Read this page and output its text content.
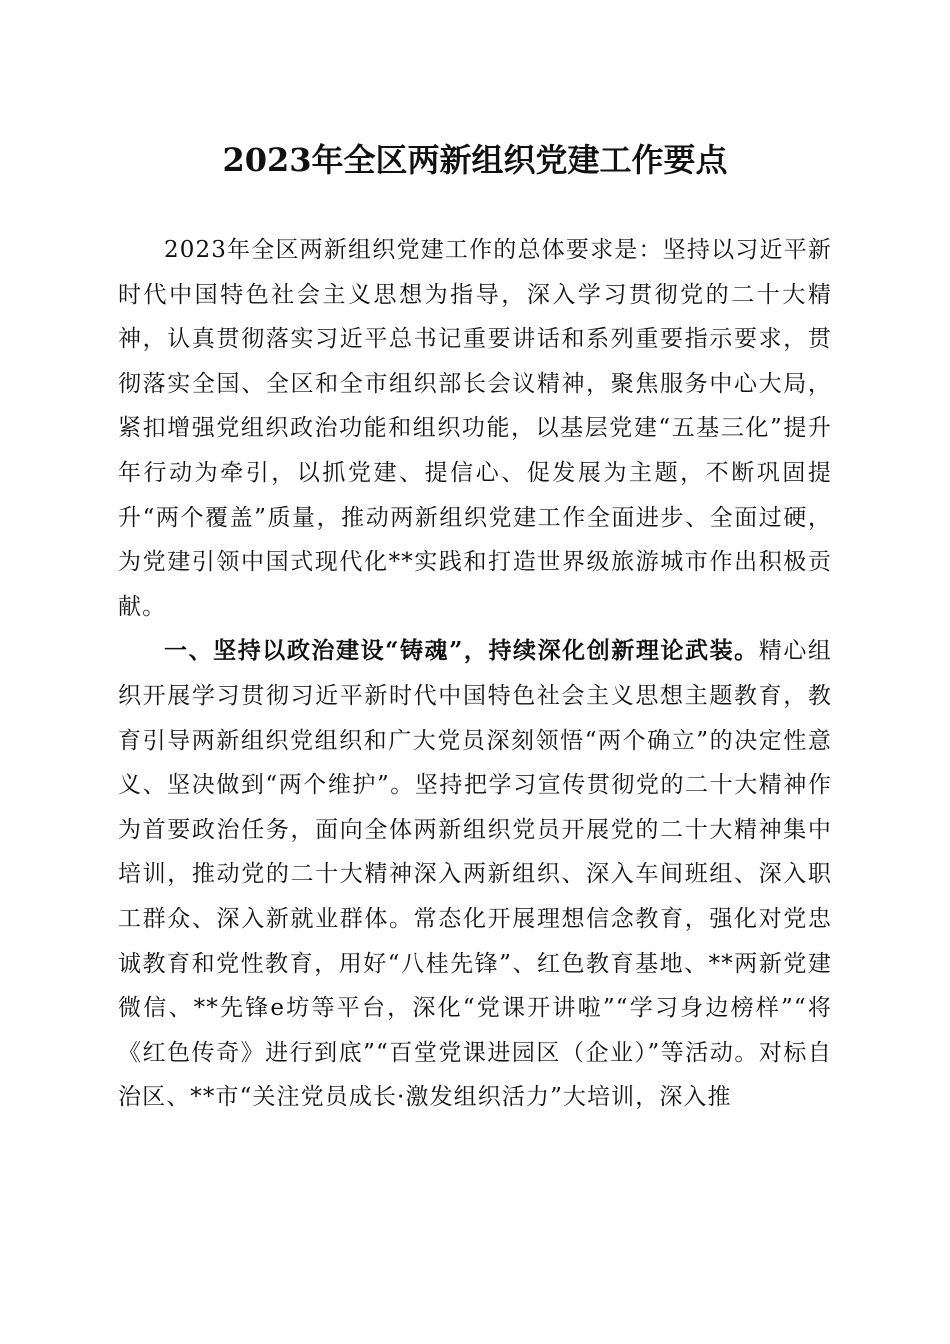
2023年全区两新组织党建工作要点

2023年全区两新组织党建工作的总体要求是：坚持以习近平新时代中国特色社会主义思想为指导，深入学习贯彻党的二十大精神，认真贯彻落实习近平总书记重要讲话和系列重要指示要求，贯彻落实全国、全区和全市组织部长会议精神，聚焦服务中心大局，紧扣增强党组织政治功能和组织功能，以基层党建“五基三化”提升年行动为牵引，以抓党建、提信心、促发展为主题，不断巩固提升“两个覆盖”质量，推动两新组织党建工作全面进步、全面过硬，为党建引领中国式现代化**实践和打造世界级旅游城市作出积极贡献。

一、坚持以政治建设“铸魂”，持续深化创新理论武装。精心组织开展学习贯彻习近平新时代中国特色社会主义思想主题教育，教育引导两新组织党组织和广大党员深刻领悟“两个确立”的决定性意义、坚决做到“两个维护”。坚持把学习宣传贯彻党的二十大精神作为首要政治任务，面向全体两新组织党员开展党的二十大精神集中培训，推动党的二十大精神深入两新组织、深入车间班组、深入职工群众、深入新就业群体。常态化开展理想信念教育，强化对党忠诚教育和党性教育，用好“八桂先锋”、红色教育基地、**两新党建微信、**先锋e坊等平台，深化“党课开讲啦”“学习身边榜样”“将《红色传奇》进行到底”“百堂党课进园区（企业）”等活动。对标自治区、**市“关注党员成长·激发组织活力”大培训，深入推
